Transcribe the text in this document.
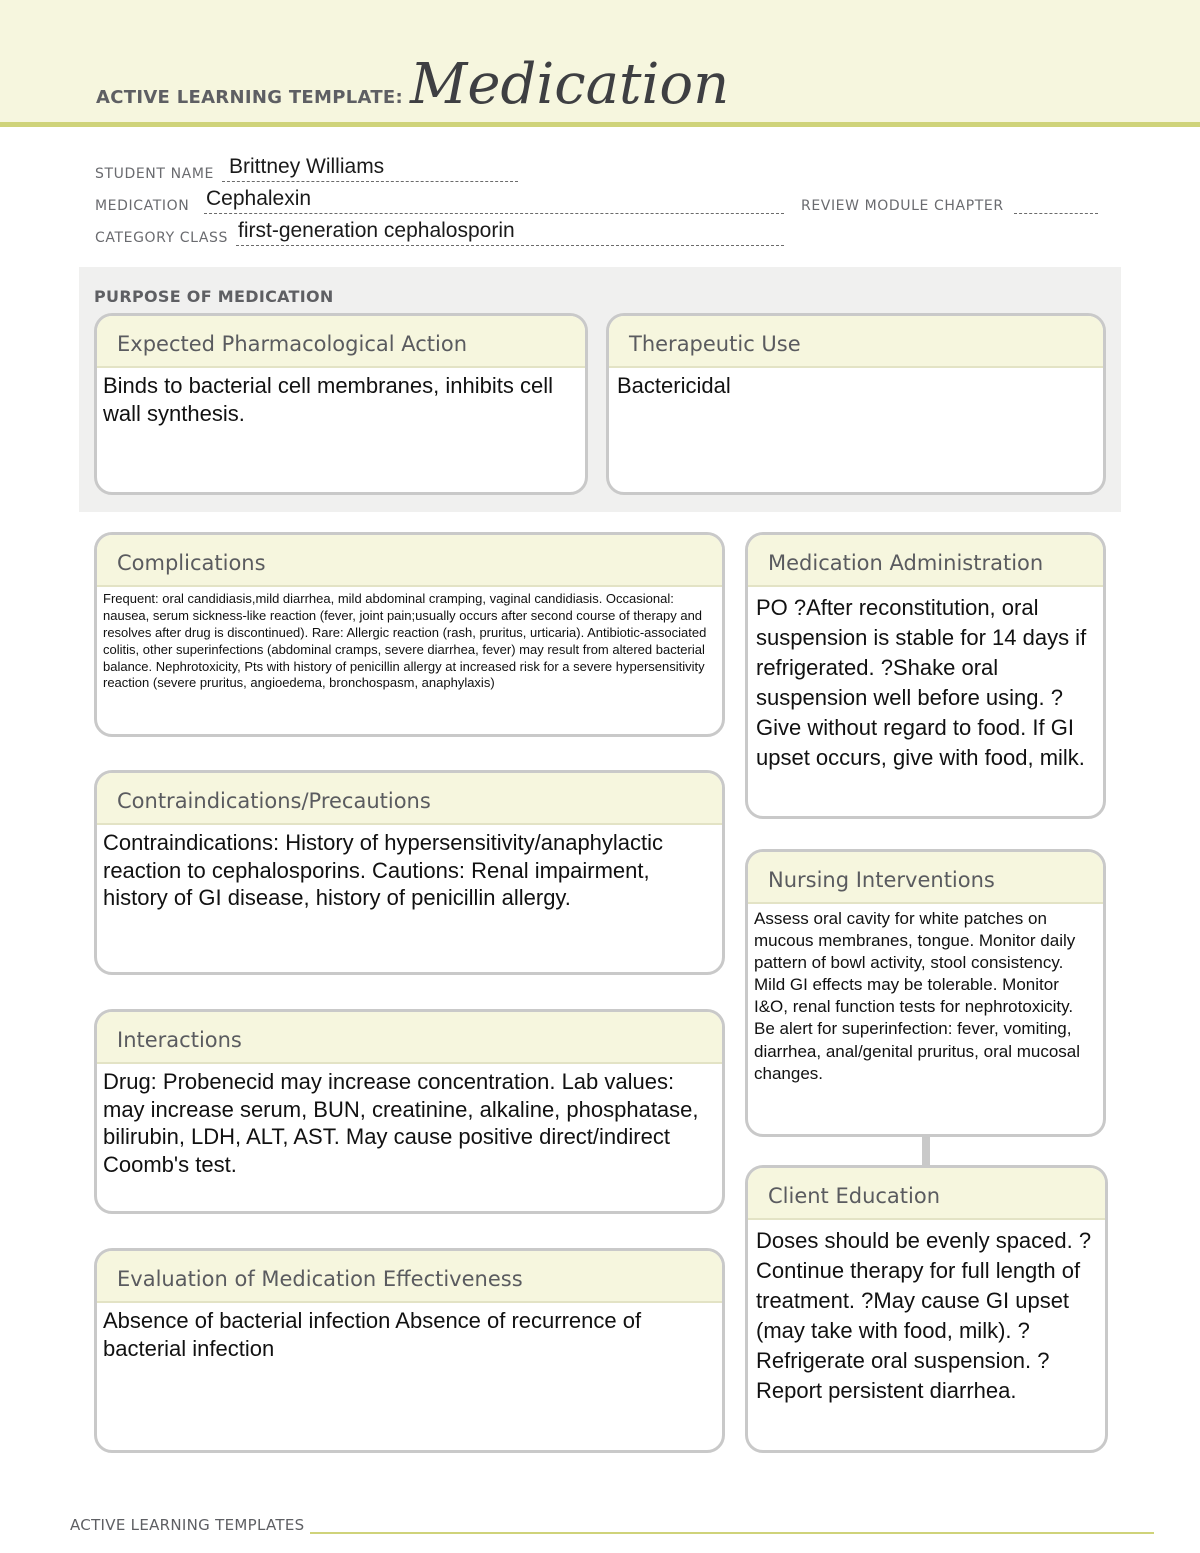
ACTIVE LEARNING TEMPLATE: Medication
STUDENT NAME Brittney Williams
MEDICATION Cephalexin	REVIEW MODULE CHAPTER
CATEGORY CLASS first-generation cephalosporin
PURPOSE OF MEDICATION
Expected Pharmacological Action
Binds to bacterial cell membranes, inhibits cell wall synthesis.
Therapeutic Use
Bactericidal
Complications
Frequent: oral candidiasis,mild diarrhea, mild abdominal cramping, vaginal candidiasis. Occasional: nausea, serum sickness-like reaction (fever, joint pain;usually occurs after second course of therapy and resolves after drug is discontinued). Rare: Allergic reaction (rash, pruritus, urticaria). Antibiotic-associated colitis, other superinfections (abdominal cramps, severe diarrhea, fever) may result from altered bacterial balance. Nephrotoxicity, Pts with history of penicillin allergy at increased risk for a severe hypersensitivity reaction (severe pruritus, angioedema, bronchospasm, anaphylaxis)
Contraindications/Precautions
Contraindications: History of hypersensitivity/anaphylactic reaction to cephalosporins. Cautions: Renal impairment, history of GI disease, history of penicillin allergy.
Interactions
Drug: Probenecid may increase concentration. Lab values: may increase serum, BUN, creatinine, alkaline, phosphatase, bilirubin, LDH, ALT, AST. May cause positive direct/indirect Coomb's test.
Evaluation of Medication Effectiveness
Absence of bacterial infection Absence of recurrence of bacterial infection
Medication Administration
PO ?After reconstitution, oral suspension is stable for 14 days if refrigerated. ?Shake oral suspension well before using. ?Give without regard to food. If GI upset occurs, give with food, milk.
Nursing Interventions
Assess oral cavity for white patches on mucous membranes, tongue. Monitor daily pattern of bowl activity, stool consistency. Mild GI effects may be tolerable. Monitor I&O, renal function tests for nephrotoxicity. Be alert for superinfection: fever, vomiting, diarrhea, anal/genital pruritus, oral mucosal changes.
Client Education
Doses should be evenly spaced. ?Continue therapy for full length of treatment. ?May cause GI upset (may take with food, milk). ?Refrigerate oral suspension. ?Report persistent diarrhea.
ACTIVE LEARNING TEMPLATES
